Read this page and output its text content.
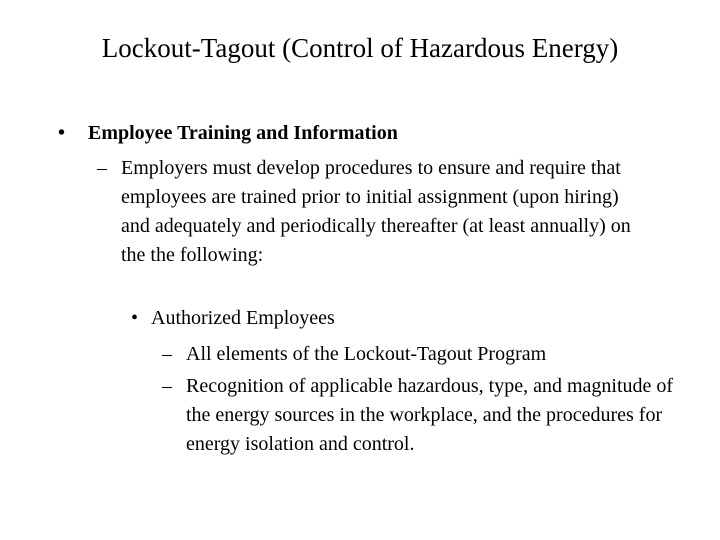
Lockout-Tagout (Control of Hazardous Energy)
• Employee Training and Information
– Employers must develop procedures to ensure and require that employees are trained prior to initial assignment (upon hiring) and adequately and periodically thereafter (at least annually) on the the following:
• Authorized Employees
– All elements of the Lockout-Tagout Program
– Recognition of applicable hazardous, type, and magnitude of the energy sources in the workplace, and the procedures for energy isolation and control.
